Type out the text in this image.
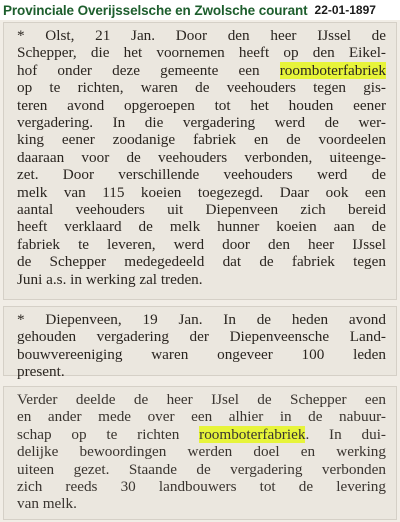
Provinciale Overijsselsche en Zwolsche courant 22-01-1897
* Olst, 21 Jan. Door den heer IJssel de
Schepper, die het voornemen heeft op den Eikel-
hof onder deze gemeente een roomboterfabriek
op te richten, waren de veehouders tegen gis-
teren avond opgeroepen tot het houden eener
vergadering. In die vergadering werd de wer-
king eener zoodanige fabriek en de voordeelen
daaraan voor de veehouders verbonden, uiteenge-
zet. Door verschillende veehouders werd de
melk van 115 koeien toegezegd. Daar ook een
aantal veehouders uit Diepenveen zich bereid
heeft verklaard de melk hunner koeien aan de
fabriek te leveren, werd door den heer IJssel
de Schepper medegedeeld dat de fabriek tegen
Juni a.s. in werking zal treden.
* Diepenveen, 19 Jan. In de heden avond
gehouden vergadering der Diepenveensche Land-
bouwvereeniging waren ongeveer 100 leden
present.
Verder deelde de heer IJsel de Schepper een
en ander mede over een alhier in de nabuur-
schap op te richten roomboterfabriek. In dui-
delijke bewoordingen werden doel en werking
uiteen gezet. Staande de vergadering verbonden
zich reeds 30 landbouwers tot de levering
van melk.
